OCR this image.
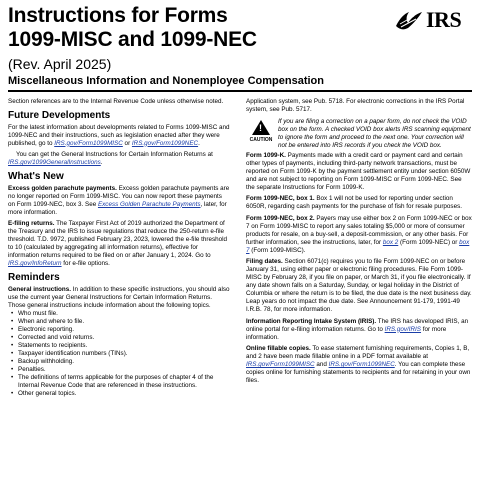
Instructions for Forms
1099-MISC and 1099-NEC
(Rev. April 2025)
Miscellaneous Information and Nonemployee Compensation
IRS

Section references are to the Internal Revenue Code unless otherwise noted.

Future Developments

For the latest information about developments related to Forms 1099-MISC and 1099-NEC and their instructions, such as legislation enacted after they were published, go to IRS.gov/Form1099MISC or IRS.gov/Form1099NEC.

You can get the General Instructions for Certain Information Returns at IRS.gov/1099GeneralInstructions.

What's New

Excess golden parachute payments. Excess golden parachute payments are no longer reported on Form 1099-MISC. You can now report these payments on Form 1099-NEC, box 3. See Excess Golden Parachute Payments, later, for more information.

E-filing returns. The Taxpayer First Act of 2019 authorized the Department of the Treasury and the IRS to issue regulations that reduce the 250-return e-file threshold. T.D. 9972, published February 23, 2023, lowered the e-file threshold to 10 (calculated by aggregating all information returns), effective for information returns required to be filed on or after January 1, 2024. Go to IRS.gov/InfoReturn for e-file options.

Reminders

General instructions. In addition to these specific instructions, you should also use the current year General Instructions for Certain Information Returns. Those general instructions include information about the following topics.

• Who must file.
• When and where to file.
• Electronic reporting.
• Corrected and void returns.
• Statements to recipients.
• Taxpayer identification numbers (TINs).
• Backup withholding.
• Penalties.
• The definitions of terms applicable for the purposes of chapter 4 of the Internal Revenue Code that are referenced in these instructions.
• Other general topics.

Application system, see Pub. 5718. For electronic corrections in the IRS Portal system, see Pub. 5717.

!
CAUTION

If you are filing a correction on a paper form, do not check the VOID box on the form. A checked VOID box alerts IRS scanning equipment to ignore the form and proceed to the next one. Your correction will not be entered into IRS records if you check the VOID box.

Form 1099-K. Payments made with a credit card or payment card and certain other types of payments, including third-party network transactions, must be reported on Form 1099-K by the payment settlement entity under section 6050W and are not subject to reporting on Form 1099-MISC or Form 1099-NEC. See the separate Instructions for Form 1099-K.

Form 1099-NEC, box 1. Box 1 will not be used for reporting under section 6050R, regarding cash payments for the purchase of fish for resale purposes.

Form 1099-NEC, box 2. Payers may use either box 2 on Form 1099-NEC or box 7 on Form 1099-MISC to report any sales totaling $5,000 or more of consumer products for resale, on a buy-sell, a deposit-commission, or any other basis. For further information, see the instructions, later, for box 2 (Form 1099-NEC) or box 7 (Form 1099-MISC).

Filing dates. Section 6071(c) requires you to file Form 1099-NEC on or before January 31, using either paper or electronic filing procedures. File Form 1099-MISC by February 28, if you file on paper, or March 31, if you file electronically. If any date shown falls on a Saturday, Sunday, or legal holiday in the District of Columbia or where the return is to be filed, the due date is the next business day. Leap years do not impact the due date. See Announcement 91-179, 1991-49 I.R.B. 78, for more information.

Information Reporting Intake System (IRIS). The IRS has developed IRIS, an online portal for e-filing information returns. Go to IRS.gov/IRIS for more information.

Online fillable copies. To ease statement furnishing requirements, Copies 1, B, and 2 have been made fillable online in a PDF format available at IRS.gov/Form1099MISC and IRS.gov/Form1099NEC. You can complete these copies online for furnishing statements to recipients and for retaining in your own files.
